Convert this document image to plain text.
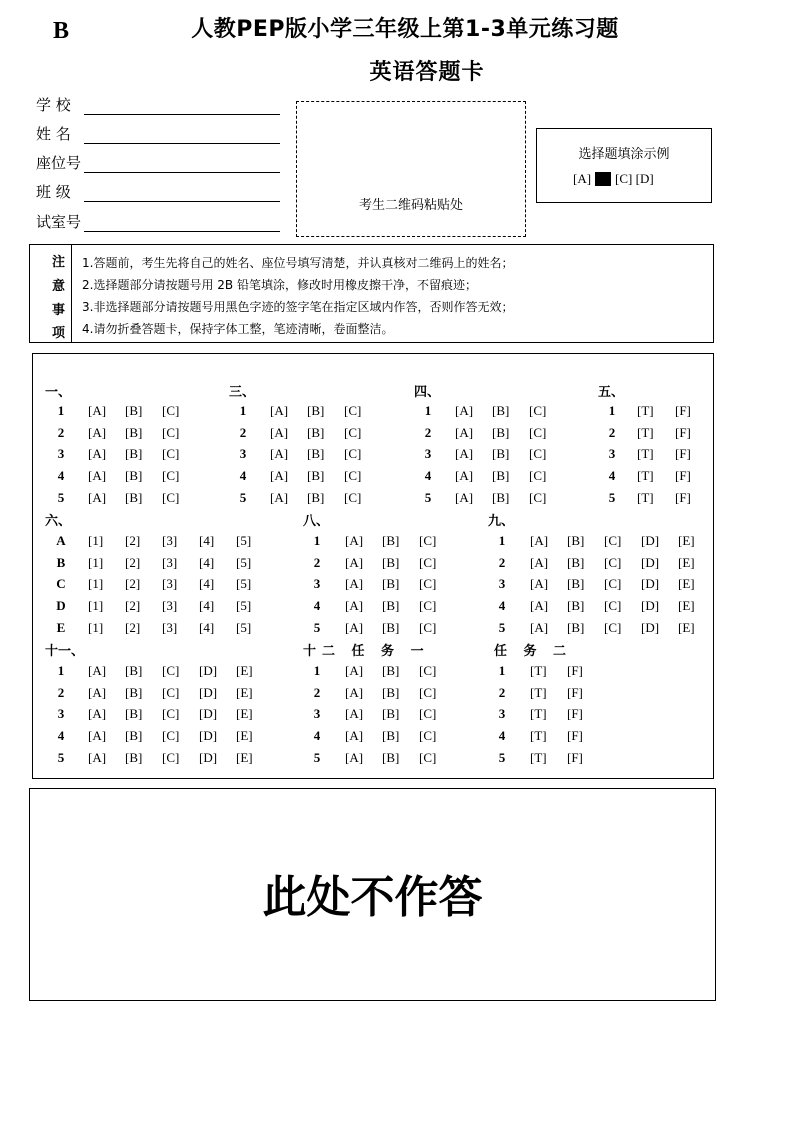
B	人教PEP版小学三年级上第1-3单元练习题
英语答题卡
学 校
姓 名
座位号
班 级
试室号
考生二维码粘贴处
选择题填涂示例
[A] [C] [D]
注
意
事
项
1.答题前，考生先将自己的姓名、座位号填写清楚，并认真核对二维码上的姓名；
2.选择题部分请按题号用 2B 铅笔填涂，修改时用橡皮擦干净，不留痕迹；
3.非选择题部分请按题号用黑色字迹的签字笔在指定区域内作答，否则作答无效；
4.请勿折叠答题卡，保持字体工整，笔迹清晰，卷面整洁。
一、
1	[A] [B] [C]
2	[A] [B] [C]
3	[A] [B] [C]
4	[A] [B] [C]
5	[A] [B] [C]
三、
1	[A] [B] [C]
2	[A] [B] [C]
3	[A] [B] [C]
4	[A] [B] [C]
5	[A] [B] [C]
四、
1	[A] [B] [C]
2	[A] [B] [C]
3	[A] [B] [C]
4	[A] [B] [C]
5	[A] [B] [C]
五、
1	[T] [F]
2	[T] [F]
3	[T] [F]
4	[T] [F]
5	[T] [F]
六、
A [1] [2] [3] [4] [5]
B [1] [2] [3] [4] [5]
C [1] [2] [3] [4] [5]
D [1] [2] [3] [4] [5]
E [1] [2] [3] [4] [5]
八、
1	[A] [B] [C]
2	[A] [B] [C]
3	[A] [B] [C]
4	[A] [B] [C]
5	[A] [B] [C]
九、
1	[A] [B] [C] [D] [E]
2	[A] [B] [C] [D] [E]
3	[A] [B] [C] [D] [E]
4	[A] [B] [C] [D] [E]
5	[A] [B] [C] [D] [E]
十一、
1	[A] [B] [C] [D] [E]
2	[A] [B] [C] [D] [E]
3	[A] [B] [C] [D] [E]
4	[A] [B] [C] [D] [E]
5	[A] [B] [C] [D] [E]
十二 任 务 一
1	[A] [B] [C]
2	[A] [B] [C]
3	[A] [B] [C]
4	[A] [B] [C]
5	[A] [B] [C]
任 务 二
1	[T] [F]
2	[T] [F]
3	[T] [F]
4	[T] [F]
5	[T] [F]
此处不作答
